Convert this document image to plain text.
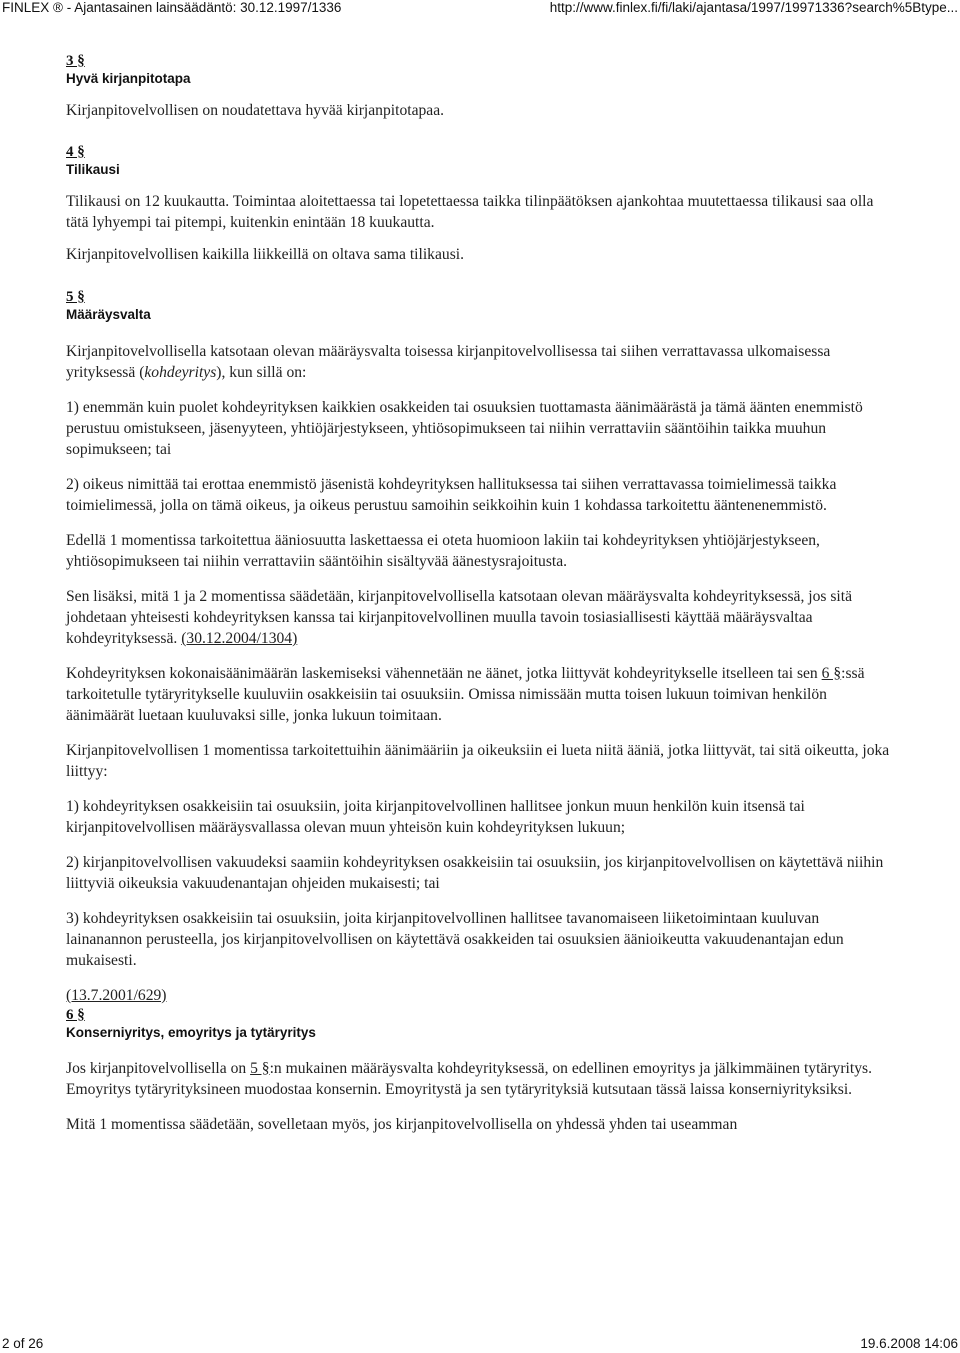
FINLEX ® - Ajantasainen lainsäädäntö: 30.12.1997/1336	http://www.finlex.fi/fi/laki/ajantasa/1997/19971336?search%5Btype...
3 §
Hyvä kirjanpitotapa

Kirjanpitovelvollisen on noudatettava hyvää kirjanpitotapaa.

4 §
Tilikausi

Tilikausi on 12 kuukautta. Toimintaa aloitettaessa tai lopetettaessa taikka tilinpäätöksen ajankohtaa muutettaessa tilikausi saa olla tätä lyhyempi tai pitempi, kuitenkin enintään 18 kuukautta.

Kirjanpitovelvollisen kaikilla liikkeillä on oltava sama tilikausi.

5 §
Määräysvalta

Kirjanpitovelvollisella katsotaan olevan määräysvalta toisessa kirjanpitovelvollisessa tai siihen verrattavassa ulkomaisessa yrityksessä (kohdeyritys), kun sillä on:

1) enemmän kuin puolet kohdeyrityksen kaikkien osakkeiden tai osuuksien tuottamasta äänimäärästä ja tämä äänten enemmistö perustuu omistukseen, jäsenyyteen, yhtiöjärjestykseen, yhtiösopimukseen tai niihin verrattaviin sääntöihin taikka muuhun sopimukseen; tai

2) oikeus nimittää tai erottaa enemmistö jäsenistä kohdeyrityksen hallituksessa tai siihen verrattavassa toimielimessä taikka toimielimessä, jolla on tämä oikeus, ja oikeus perustuu samoihin seikkoihin kuin 1 kohdassa tarkoitettu ääntenenemmistö.

Edellä 1 momentissa tarkoitettua ääniosuutta laskettaessa ei oteta huomioon lakiin tai kohdeyrityksen yhtiöjärjestykseen, yhtiösopimukseen tai niihin verrattaviin sääntöihin sisältyvää äänestysrajoitusta.

Sen lisäksi, mitä 1 ja 2 momentissa säädetään, kirjanpitovelvollisella katsotaan olevan määräysvalta kohdeyrityksessä, jos sitä johdetaan yhteisesti kohdeyrityksen kanssa tai kirjanpitovelvollinen muulla tavoin tosiasiallisesti käyttää määräysvaltaa kohdeyrityksessä. (30.12.2004/1304)

Kohdeyrityksen kokonaisäänimäärän laskemiseksi vähennetään ne äänet, jotka liittyvät kohdeyritykselle itselleen tai sen 6 §:ssä tarkoitetulle tytäryritykselle kuuluviin osakkeisiin tai osuuksiin. Omissa nimissään mutta toisen lukuun toimivan henkilön äänimäärät luetaan kuuluvaksi sille, jonka lukuun toimitaan.

Kirjanpitovelvollisen 1 momentissa tarkoitettuihin äänimääriin ja oikeuksiin ei lueta niitä ääniä, jotka liittyvät, tai sitä oikeutta, joka liittyy:

1) kohdeyrityksen osakkeisiin tai osuuksiin, joita kirjanpitovelvollinen hallitsee jonkun muun henkilön kuin itsensä tai kirjanpitovelvollisen määräysvallassa olevan muun yhteisön kuin kohdeyrityksen lukuun;

2) kirjanpitovelvollisen vakuudeksi saamiin kohdeyrityksen osakkeisiin tai osuuksiin, jos kirjanpitovelvollisen on käytettävä niihin liittyviä oikeuksia vakuudenantajan ohjeiden mukaisesti; tai

3) kohdeyrityksen osakkeisiin tai osuuksiin, joita kirjanpitovelvollinen hallitsee tavanomaiseen liiketoimintaan kuuluvan lainanannon perusteella, jos kirjanpitovelvollisen on käytettävä osakkeiden tai osuuksien äänioikeutta vakuudenantajan edun mukaisesti.

(13.7.2001/629)

6 §
Konserniyritys, emoyritys ja tytäryritys

Jos kirjanpitovelvollisella on 5 §:n mukainen määräysvalta kohdeyrityksessä, on edellinen emoyritys ja jälkimmäinen tytäryritys. Emoyritys tytäryrityksineen muodostaa konsernin. Emoyritystä ja sen tytäryrityksiä kutsutaan tässä laissa konserniyrityksiksi.

Mitä 1 momentissa säädetään, sovelletaan myös, jos kirjanpitovelvollisella on yhdessä yhden tai useamman

2 of 26	19.6.2008 14:06
